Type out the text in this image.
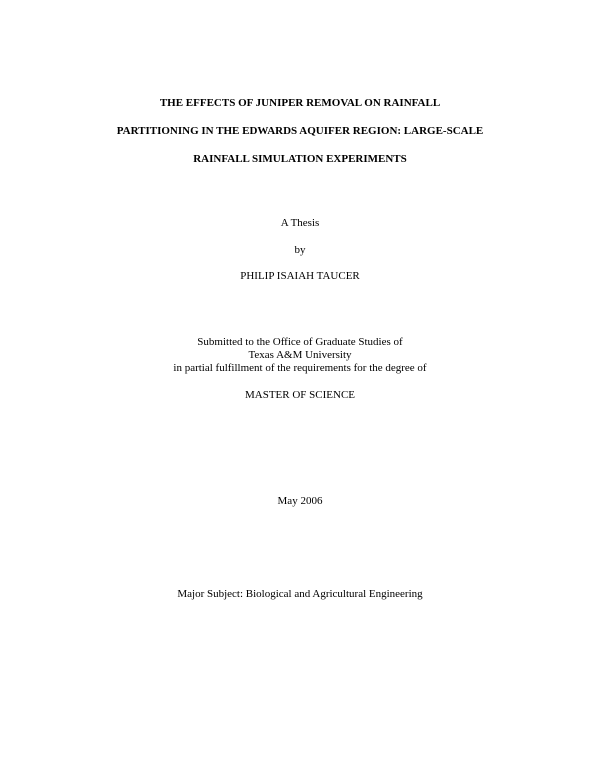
THE EFFECTS OF JUNIPER REMOVAL ON RAINFALL
PARTITIONING IN THE EDWARDS AQUIFER REGION: LARGE-SCALE
RAINFALL SIMULATION EXPERIMENTS
A Thesis
by
PHILIP ISAIAH TAUCER
Submitted to the Office of Graduate Studies of
Texas A&M University
in partial fulfillment of the requirements for the degree of
MASTER OF SCIENCE
May 2006
Major Subject: Biological and Agricultural Engineering
